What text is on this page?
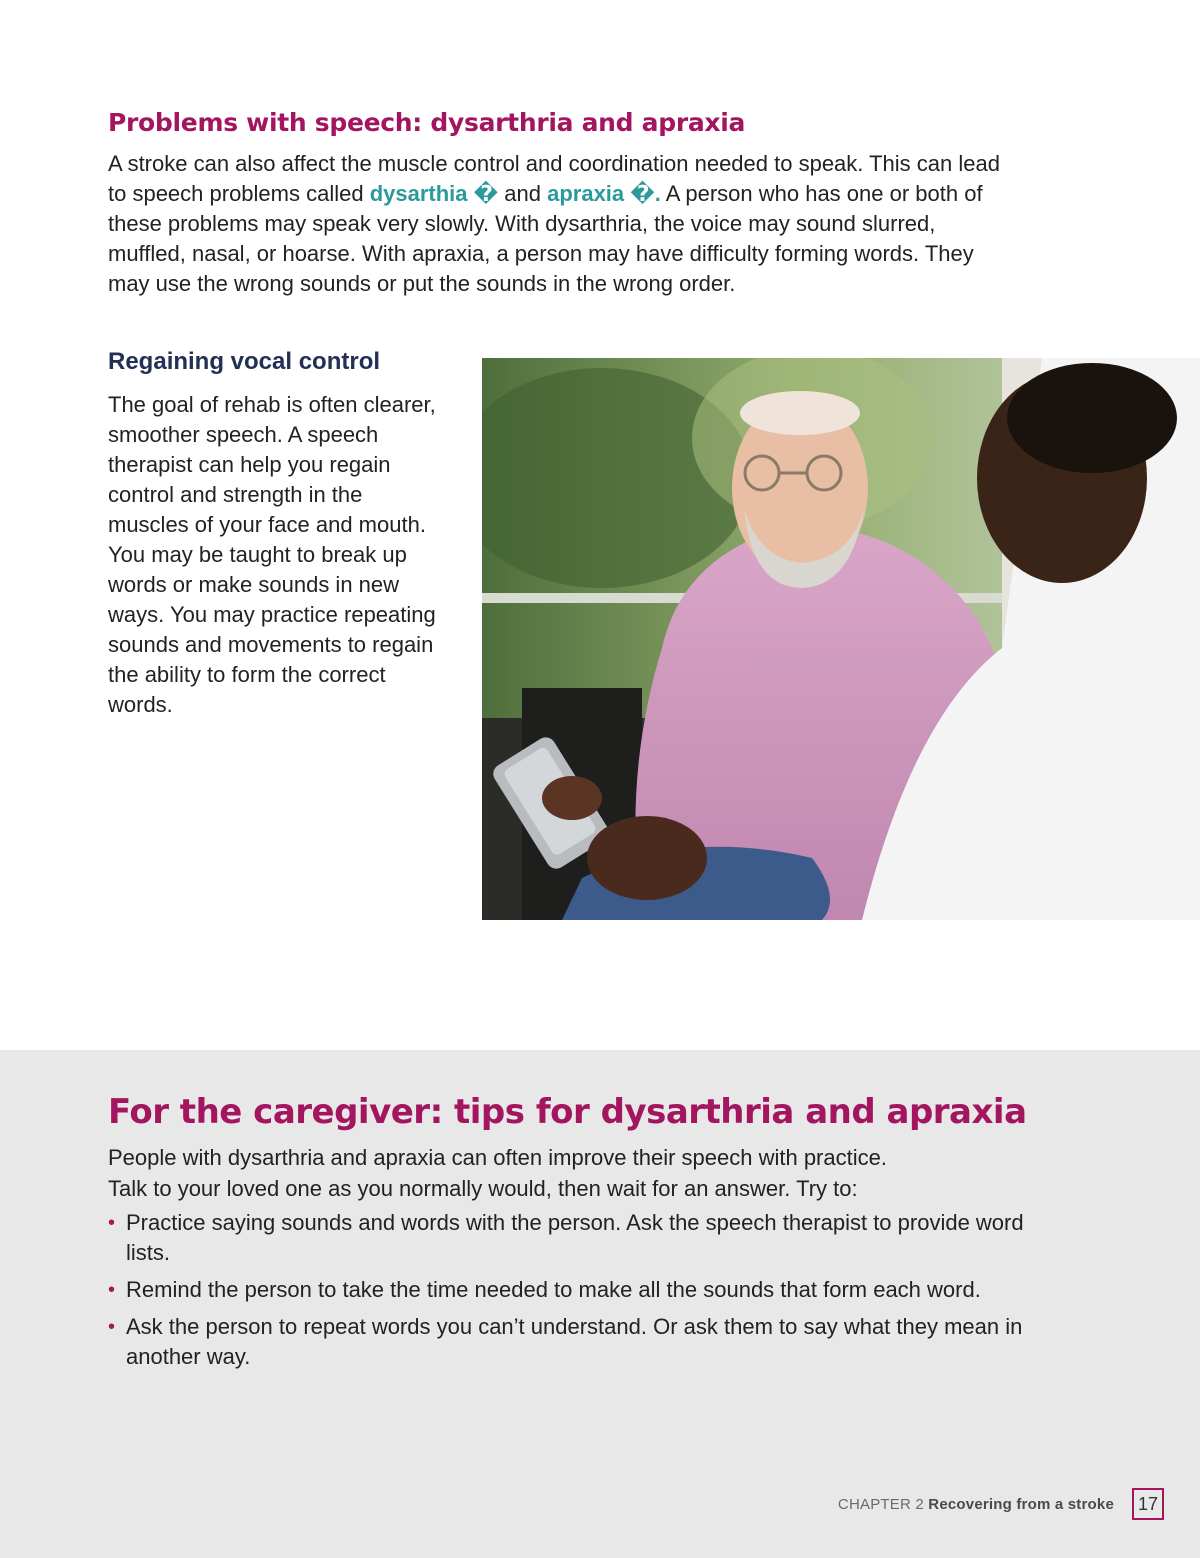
Problems with speech: dysarthria and apraxia

A stroke can also affect the muscle control and coordination needed to speak. This can lead to speech problems called dysarthia � and apraxia �. A person who has one or both of these problems may speak very slowly. With dysarthria, the voice may sound slurred, muffled, nasal, or hoarse. With apraxia, a person may have difficulty forming words. They may use the wrong sounds or put the sounds in the wrong order.

Regaining vocal control

The goal of rehab is often clearer, smoother speech. A speech therapist can help you regain control and strength in the muscles of your face and mouth. You may be taught to break up words or make sounds in new ways. You may practice repeating sounds and movements to regain the ability to form the correct words.

For the caregiver: tips for dysarthria and apraxia

People with dysarthria and apraxia can often improve their speech with practice.
Talk to your loved one as you normally would, then wait for an answer. Try to:

• Practice saying sounds and words with the person. Ask the speech therapist to provide word lists.
• Remind the person to take the time needed to make all the sounds that form each word.
• Ask the person to repeat words you can’t understand. Or ask them to say what they mean in another way.
CHAPTER 2 Recovering from a stroke	17
